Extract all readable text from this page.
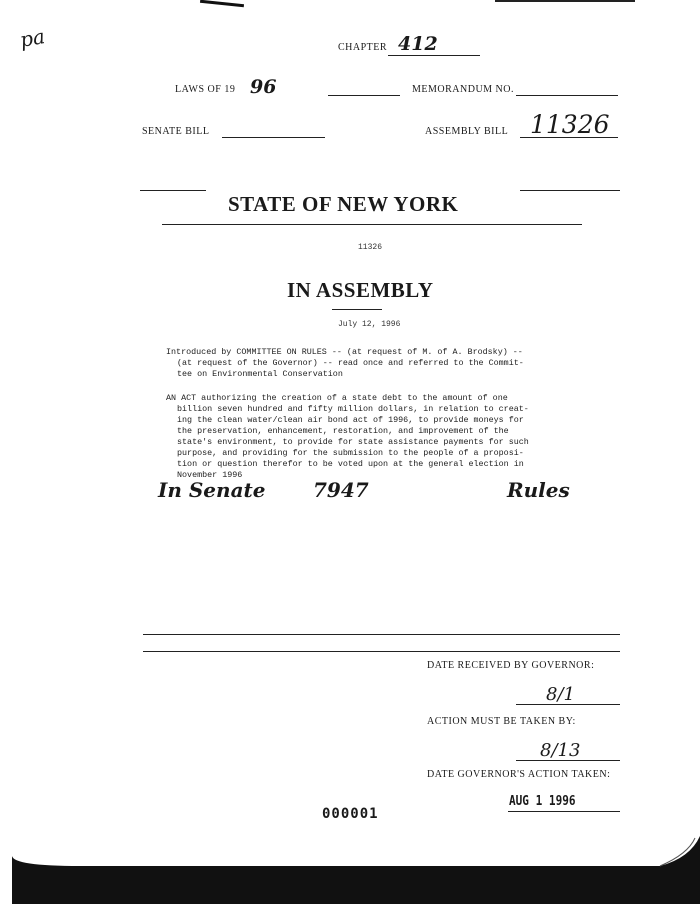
pa	CHAPTER 412
LAWS OF 19 96	MEMORANDUM NO.
SENATE BILL	ASSEMBLY BILL 11326
STATE OF NEW YORK
11326
IN ASSEMBLY
July 12, 1996
Introduced by COMMITTEE ON RULES -- (at request of M. of A. Brodsky) --
(at request of the Governor) -- read once and referred to the Commit-
tee on Environmental Conservation
AN ACT authorizing the creation of a state debt to the amount of one
billion seven hundred and fifty million dollars, in relation to creat-
ing the clean water/clean air bond act of 1996, to provide moneys for
the preservation, enhancement, restoration, and improvement of the
state's environment, to provide for state assistance payments for such
purpose, and providing for the submission to the people of a proposi-
tion or question therefor to be voted upon at the general election in
November 1996
In Senate 7947	Rules
DATE RECEIVED BY GOVERNOR:
8/1
ACTION MUST BE TAKEN BY:
8/13
DATE GOVERNOR'S ACTION TAKEN:
AUG 1 1996
000001
